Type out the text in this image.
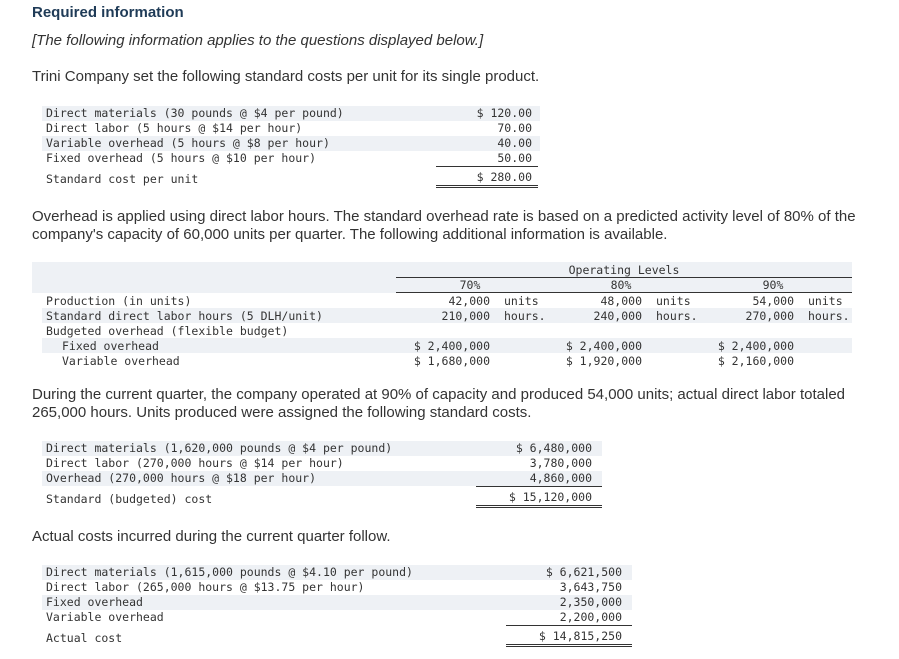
Required information
[The following information applies to the questions displayed below.]
Trini Company set the following standard costs per unit for its single product.
Direct materials (30 pounds @ $4 per pound)	$ 120.00
Direct labor (5 hours @ $14 per hour)	70.00
Variable overhead (5 hours @ $8 per hour)	40.00
Fixed overhead (5 hours @ $10 per hour)	50.00
Standard cost per unit	$ 280.00
Overhead is applied using direct labor hours. The standard overhead rate is based on a predicted activity level of 80% of the company's capacity of 60,000 units per quarter. The following additional information is available.
Operating Levels
70%	80%	90%
Production (in units)	42,000 units	48,000 units	54,000 units
Standard direct labor hours (5 DLH/unit)	210,000 hours.	240,000 hours.	270,000 hours.
Budgeted overhead (flexible budget)
Fixed overhead	$ 2,400,000	$ 2,400,000	$ 2,400,000
Variable overhead	$ 1,680,000	$ 1,920,000	$ 2,160,000
During the current quarter, the company operated at 90% of capacity and produced 54,000 units; actual direct labor totaled 265,000 hours. Units produced were assigned the following standard costs.
Direct materials (1,620,000 pounds @ $4 per pound)	$ 6,480,000
Direct labor (270,000 hours @ $14 per hour)	3,780,000
Overhead (270,000 hours @ $18 per hour)	4,860,000
Standard (budgeted) cost	$ 15,120,000
Actual costs incurred during the current quarter follow.
Direct materials (1,615,000 pounds @ $4.10 per pound)	$ 6,621,500
Direct labor (265,000 hours @ $13.75 per hour)	3,643,750
Fixed overhead	2,350,000
Variable overhead	2,200,000
Actual cost	$ 14,815,250
